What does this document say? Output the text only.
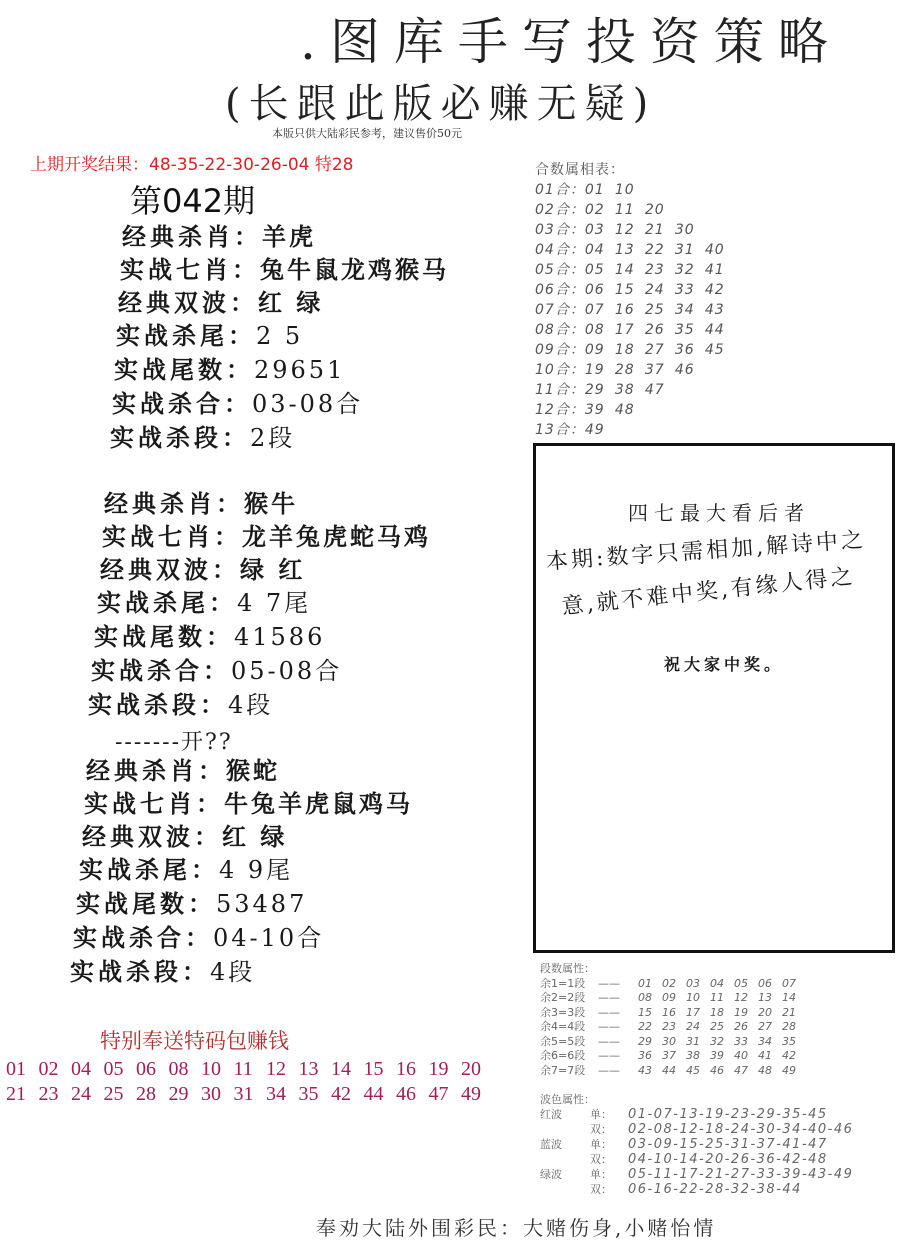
.图库手写投资策略
(长跟此版必赚无疑)
本版只供大陆彩民参考，建议售价50元
上期开奖结果：48-35-22-30-26-04 特28
第042期
经典杀肖：羊虎
实战七肖：兔牛鼠龙鸡猴马
经典双波：红 绿
实战杀尾：2 5
实战尾数：29651
实战杀合：03-08合
实战杀段：2段
经典杀肖：猴牛
实战七肖：龙羊兔虎蛇马鸡
经典双波：绿 红
实战杀尾：4 7尾
实战尾数：41586
实战杀合：05-08合
实战杀段：4段
-------开??
经典杀肖：猴蛇
实战七肖：牛兔羊虎鼠鸡马
经典双波：红 绿
实战杀尾：4 9尾
实战尾数：53487
实战杀合：04-10合
实战杀段：4段
合数属相表：
01合：01 10
02合：02 11 20
03合：03 12 21 30
04合：04 13 22 31 40
05合：05 14 23 32 41
06合：06 15 24 33 42
07合：07 16 25 34 43
08合：08 17 26 35 44
09合：09 18 27 36 45
10合：19 28 37 46
11合：29 38 47
12合：39 48
13合：49
四七最大看后者
本期:数字只需相加,解诗中之
意,就不难中奖,有缘人得之
祝大家中奖。
特别奉送特码包赚钱
01 02 04 05 06 08 10 11 12 13 14 15 16 19 20
21 23 24 25 28 29 30 31 34 35 42 44 46 47 49
段数属性：
余1=1段 —— 01 02 03 04 05 06 07
余2=2段 —— 08 09 10 11 12 13 14
余3=3段 —— 15 16 17 18 19 20 21
余4=4段 —— 22 23 24 25 26 27 28
余5=5段 —— 29 30 31 32 33 34 35
余6=6段 —— 36 37 38 39 40 41 42
余7=7段 —— 43 44 45 46 47 48 49
波色属性：
红波	单： 01-07-13-19-23-29-35-45
双： 02-08-12-18-24-30-34-40-46
蓝波	单： 03-09-15-25-31-37-41-47
双： 04-10-14-20-26-36-42-48
绿波	单： 05-11-17-21-27-33-39-43-49
双： 06-16-22-28-32-38-44
奉劝大陆外围彩民：大赌伤身,小赌怡情
